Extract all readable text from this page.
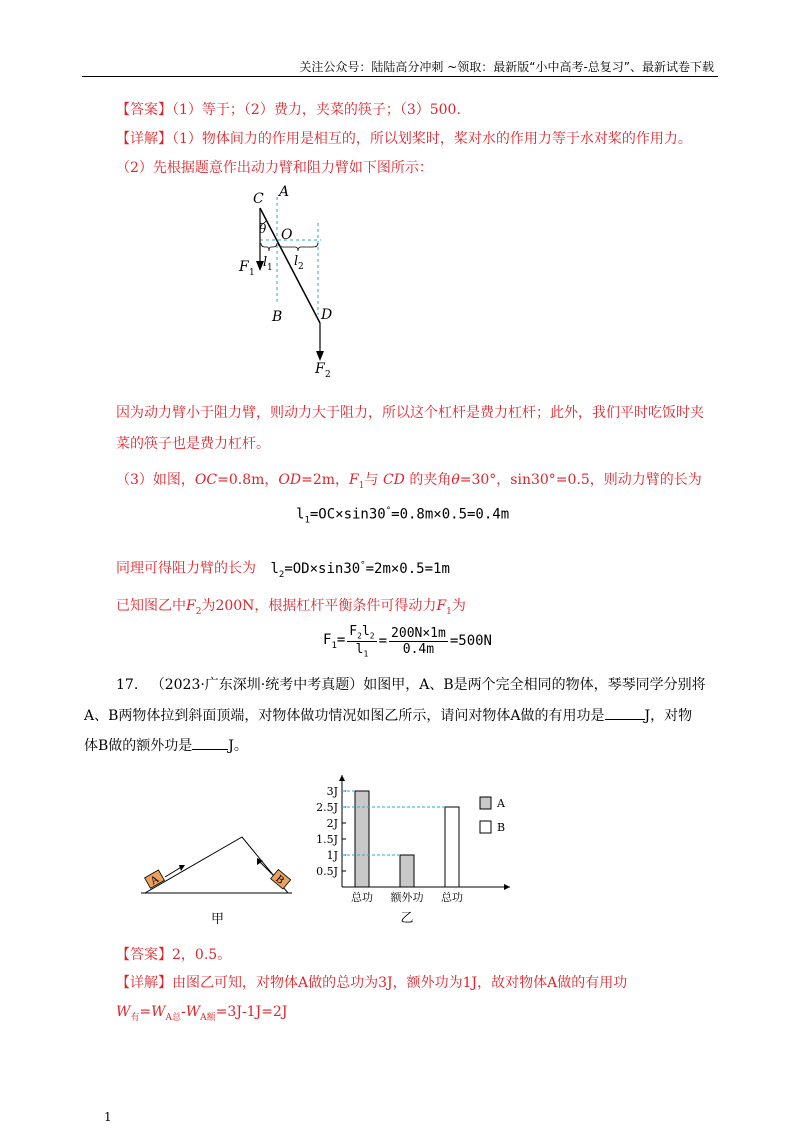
关注公众号：陆陆高分冲刺 ~领取：最新版“小中高考-总复习”、最新试卷下载
【答案】（1）等于；（2）费力，夹菜的筷子；（3）500.
【详解】（1）物体间力的作用是相互的，所以划桨时，桨对水的作用力等于水对桨的作用力。
（2）先根据题意作出动力臂和阻力臂如下图所示：
C A
O
θ
F 1
l 1 l 2
B	D
F 2
因为动力臂小于阻力臂，则动力大于阻力，所以这个杠杆是费力杠杆；此外，我们平时吃饭时夹
菜的筷子也是费力杠杆。
（3）如图，OC=0.8m，OD=2m，$F_1$与 CD 的夹角θ=30°，sin30°=0.5，则动力臂的长为
$l_1=OC\times\sin 30^\circ=0.8m\times 0.5=0.4m$
同理可得阻力臂的长为 $l_2=OD\times\sin 30^\circ=2m\times 0.5=1m$
已知图乙中$F_2$为200N，根据杠杆平衡条件可得动力$F_1$为
$F_1= \frac{F_2l_2}{l_1} = \frac{200N\times 1m}{0.4m} =500N$
17. （2023·广东深圳·统考中考真题）如图甲，A、B是两个完全相同的物体，琴琴同学分别将
A、B两物体拉到斜面顶端，对物体做功情况如图乙所示，请问对物体A做的有用功是	J，对物
体B做的额外功是	J。
A	B
甲
0.5J
1J
1.5J
2J
2.5J
3J
总功 额外功 总功
A
B
乙
【答案】2，0.5。
【详解】由图乙可知，对物体A做的总功为3J，额外功为1J，故对物体A做的有用功
$W_有=W_{A总}-W_{A额}=3J-1J=2J$
1
